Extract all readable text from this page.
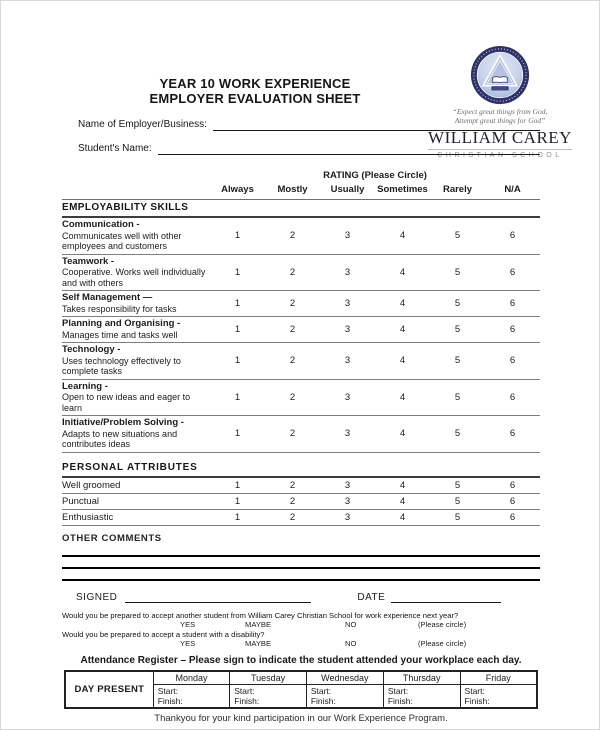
YEAR 10 WORK EXPERIENCE
EMPLOYER EVALUATION SHEET
“Expect great things from God,
Attempt great things for God”
WILLIAM CAREY
CHRISTIAN SCHOOL
Name of Employer/Business:
Student's Name:
RATING (Please Circle)
Always	Mostly	Usually	Sometimes	Rarely	N/A
EMPLOYABILITY SKILLS
Communication -
Communicates well with other employees and customers
1	2	3	4	5	6
Teamwork -
Cooperative. Works well individually and with others
1	2	3	4	5	6
Self Management —
Takes responsibility for tasks	1	2	3	4	5	6
Planning and Organising -
Manages time and tasks well	1	2	3	4	5	6
Technology -
Uses technology effectively to complete tasks
1	2	3	4	5	6
Learning -
Open to new ideas and eager to learn
1	2	3	4	5	6
Initiative/Problem Solving -
Adapts to new situations and contributes ideas
1	2	3	4	5	6
PERSONAL ATTRIBUTES
Well groomed	1	2	3	4	5	6
Punctual	1	2	3	4	5	6
Enthusiastic	1	2	3	4	5	6
OTHER COMMENTS
SIGNED	DATE
Would you be prepared to accept another student from William Carey Christian School for work experience next year?
YES	MAYBE	NO	(Please circle)
Would you be prepared to accept a student with a disability?
YES	MAYBE	NO	(Please circle)
Attendance Register – Please sign to indicate the student attended your workplace each day.
DAY PRESENT	Monday	Tuesday	Wednesday	Thursday	Friday

Start:
Finish:

Start:
Finish:

Start:
Finish:

Start:
Finish:

Start:
Finish:
Thankyou for your kind participation in our Work Experience Program.
